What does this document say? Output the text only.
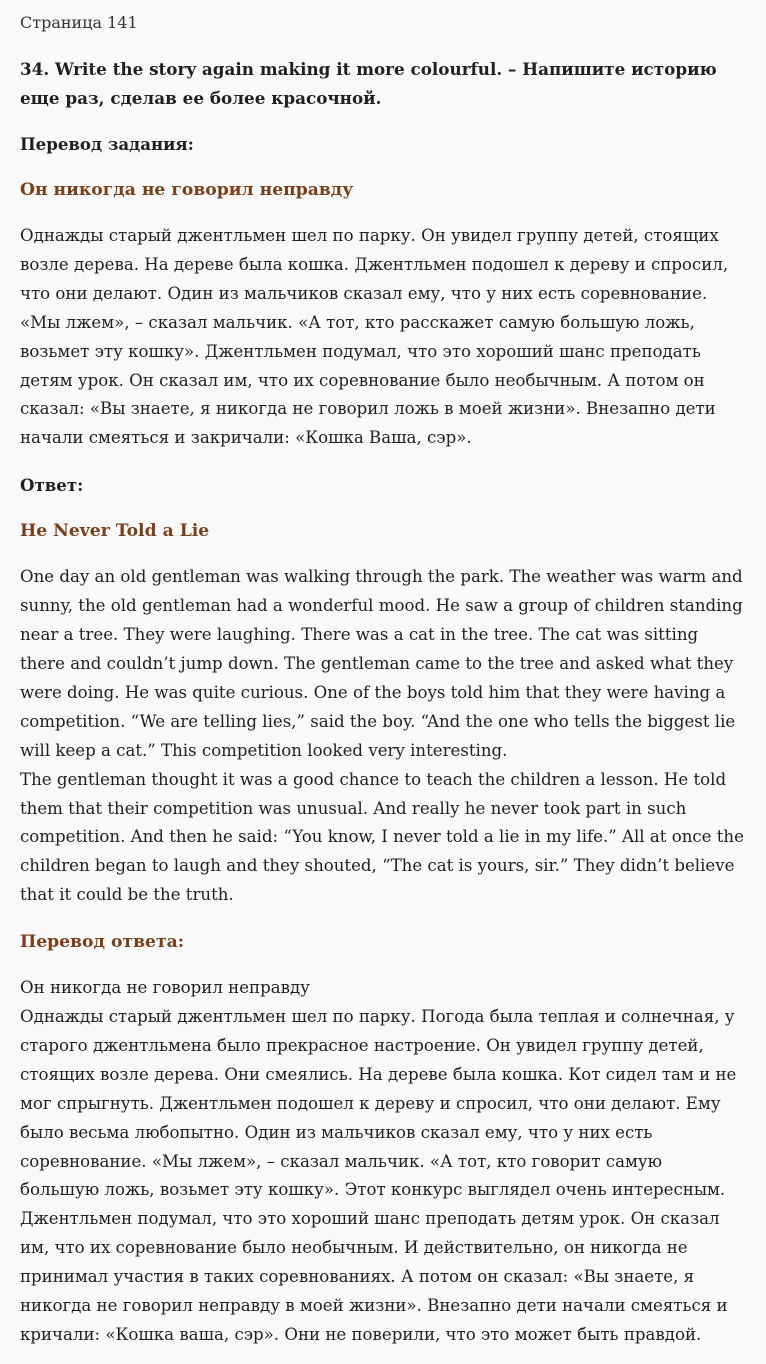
Страница 141
34. Write the story again making it more colourful. – Напишите историю еще раз, сделав ее более красочной.
Перевод задания:
Он никогда не говорил неправду

Однажды старый джентльмен шел по парку. Он увидел группу детей, стоящих возле дерева. На дереве была кошка. Джентльмен подошел к дереву и спросил, что они делают. Один из мальчиков сказал ему, что у них есть соревнование. «Мы лжем», – сказал мальчик. «А тот, кто расскажет самую большую ложь, возьмет эту кошку». Джентльмен подумал, что это хороший шанс преподать детям урок. Он сказал им, что их соревнование было необычным. А потом он сказал: «Вы знаете, я никогда не говорил ложь в моей жизни». Внезапно дети начали смеяться и закричали: «Кошка Ваша, сэр».

Ответ:
He Never Told a Lie

One day an old gentleman was walking through the park. The weather was warm and sunny, the old gentleman had a wonderful mood. He saw a group of children standing near a tree. They were laughing. There was a cat in the tree. The cat was sitting there and couldn’t jump down. The gentleman came to the tree and asked what they were doing. He was quite curious. One of the boys told him that they were having a competition. “We are telling lies,” said the boy. “And the one who tells the biggest lie will keep a cat.” This competition looked very interesting.

The gentleman thought it was a good chance to teach the children a lesson. He told them that their competition was unusual. And really he never took part in such competition. And then he said: “You know, I never told a lie in my life.” All at once the children began to laugh and they shouted, “The cat is yours, sir.” They didn’t believe that it could be the truth.

Перевод ответа:

Он никогда не говорил неправду

Однажды старый джентльмен шел по парку. Погода была теплая и солнечная, у старого джентльмена было прекрасное настроение. Он увидел группу детей, стоящих возле дерева. Они смеялись. На дереве была кошка. Кот сидел там и не мог спрыгнуть. Джентльмен подошел к дереву и спросил, что они делают. Ему было весьма любопытно. Один из мальчиков сказал ему, что у них есть соревнование. «Мы лжем», – сказал мальчик. «А тот, кто говорит самую большую ложь, возьмет эту кошку». Этот конкурс выглядел очень интересным.

Джентльмен подумал, что это хороший шанс преподать детям урок. Он сказал им, что их соревнование было необычным. И действительно, он никогда не принимал участия в таких соревнованиях. А потом он сказал: «Вы знаете, я никогда не говорил неправду в моей жизни». Внезапно дети начали смеяться и кричали: «Кошка ваша, сэр». Они не поверили, что это может быть правдой.
